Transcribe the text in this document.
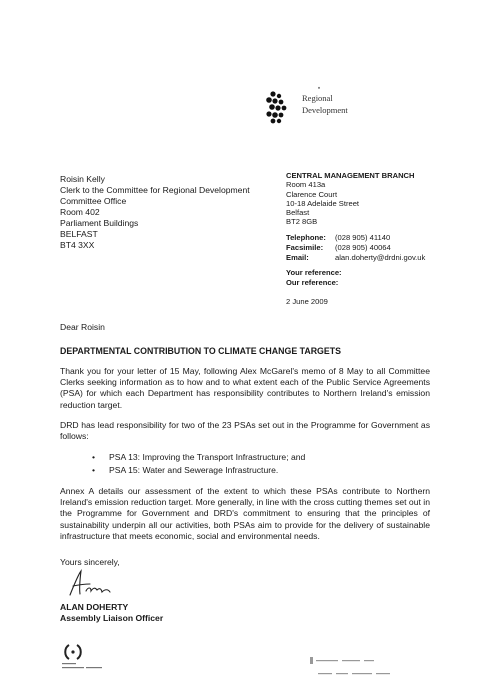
▪
Regional
Development
Roisin Kelly
Clerk to the Committee for Regional Development
Committee Office
Room 402
Parliament Buildings
BELFAST
BT4 3XX
CENTRAL MANAGEMENT BRANCH
Room 413a
Clarence Court
10-18 Adelaide Street
Belfast
BT2 8GB
Telephone:	(028 905) 41140
Facsimile:	(028 905) 40064
Email:	alan.doherty@drdni.gov.uk
Your reference:
Our reference:
2 June 2009
Dear Roisin
DEPARTMENTAL CONTRIBUTION TO CLIMATE CHANGE TARGETS
Thank you for your letter of 15 May, following Alex McGarel's memo of 8 May to all Committee Clerks seeking information as to how and to what extent each of the Public Service Agreements (PSA) for which each Department has responsibility contributes to Northern Ireland's emission reduction target.
DRD has lead responsibility for two of the 23 PSAs set out in the Programme for Government as follows:
•	PSA 13: Improving the Transport Infrastructure; and
•	PSA 15: Water and Sewerage Infrastructure.
Annex A details our assessment of the extent to which these PSAs contribute to Northern Ireland's emission reduction target. More generally, in line with the cross cutting themes set out in the Programme for Government and DRD's commitment to ensuring that the principles of sustainability underpin all our activities, both PSAs aim to provide for the delivery of sustainable infrastructure that meets economic, social and environmental needs.
Yours sincerely,
ALAN DOHERTY
Assembly Liaison Officer
